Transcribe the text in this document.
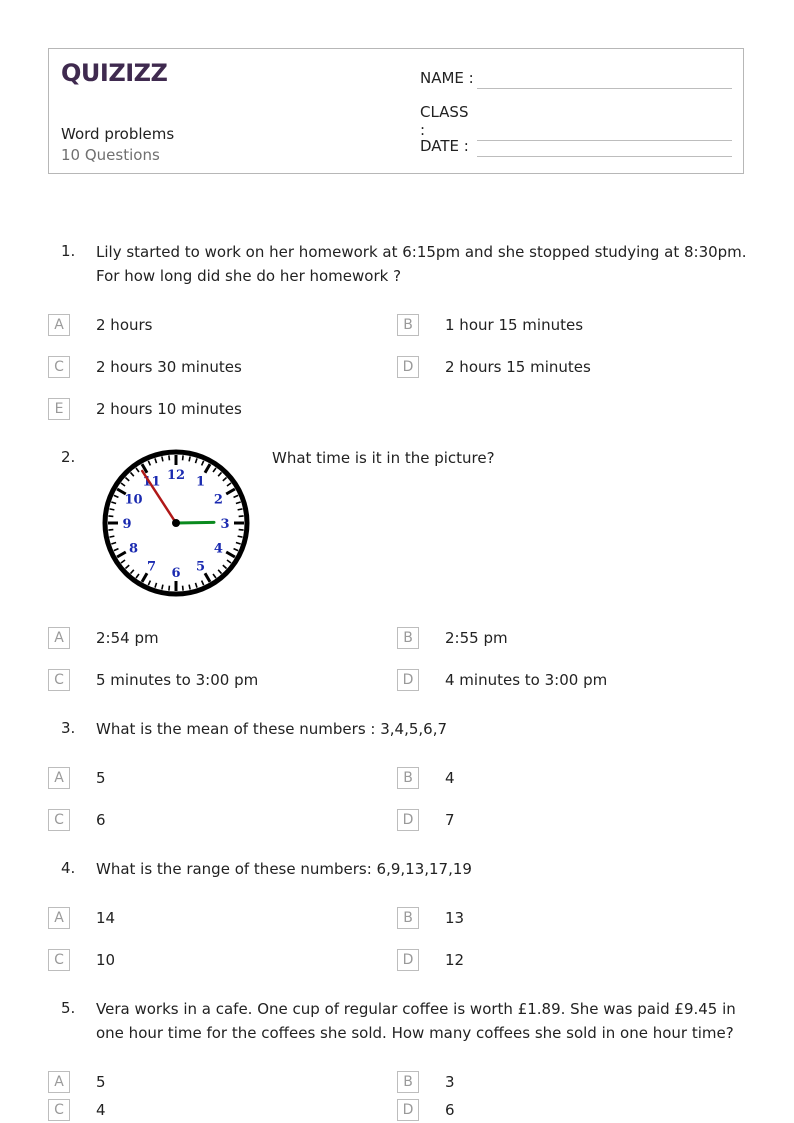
QUIZIZZ
Word problems
10 Questions
NAME :
CLASS :
DATE :
1. Lily started to work on her homework at 6:15pm and she stopped studying at 8:30pm. For how long did she do her homework ?
A	2 hours	B	1 hour 15 minutes
C	2 hours 30 minutes	D	2 hours 15 minutes
E	2 hours 10 minutes
2.
12 1
2
3
4
5
6
7
8
9
10
11
What time is it in the picture?
A	2:54 pm	B	2:55 pm
C	5 minutes to 3:00 pm	D	4 minutes to 3:00 pm
3. What is the mean of these numbers : 3,4,5,6,7
A	5	B	4
C	6	D	7
4. What is the range of these numbers: 6,9,13,17,19
A	14	B	13
C	10	D	12
5. Vera works in a cafe. One cup of regular coffee is worth £1.89. She was paid £9.45 in one hour time for the coffees she sold. How many coffees she sold in one hour time?
A	5	B	3
C	4	D	6
